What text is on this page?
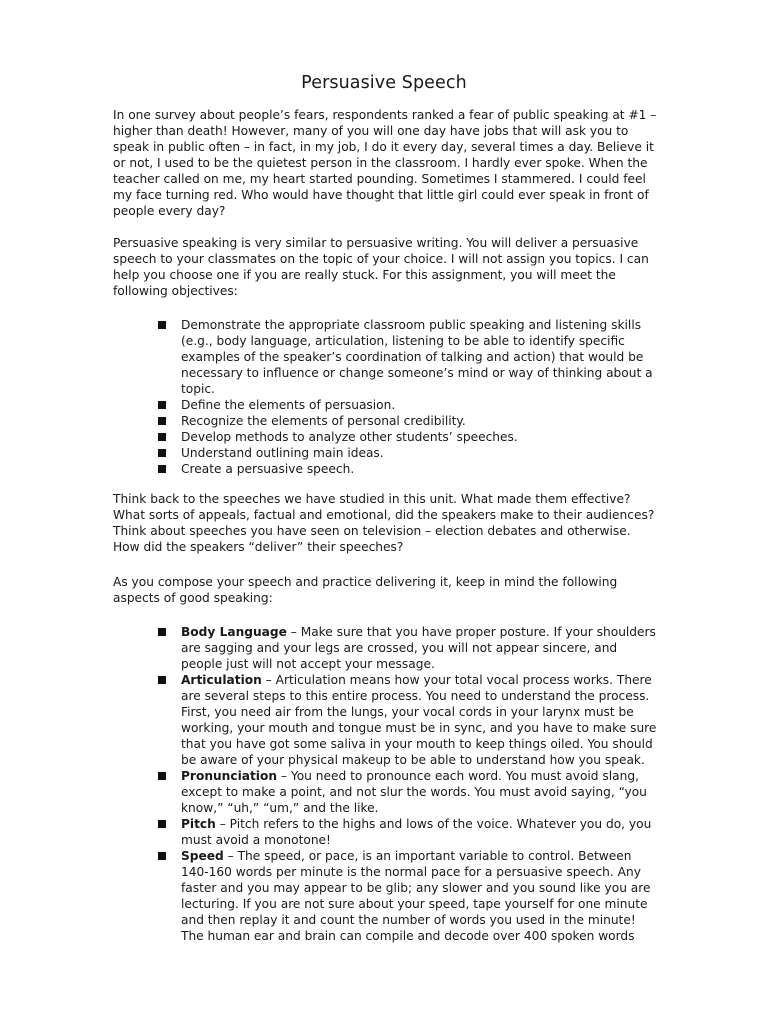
Persuasive Speech

In one survey about people’s fears, respondents ranked a fear of public speaking at #1 – higher than death! However, many of you will one day have jobs that will ask you to speak in public often – in fact, in my job, I do it every day, several times a day. Believe it or not, I used to be the quietest person in the classroom. I hardly ever spoke. When the teacher called on me, my heart started pounding. Sometimes I stammered. I could feel my face turning red. Who would have thought that little girl could ever speak in front of people every day?

Persuasive speaking is very similar to persuasive writing. You will deliver a persuasive speech to your classmates on the topic of your choice. I will not assign you topics. I can help you choose one if you are really stuck. For this assignment, you will meet the following objectives:

Demonstrate the appropriate classroom public speaking and listening skills (e.g., body language, articulation, listening to be able to identify specific examples of the speaker’s coordination of talking and action) that would be necessary to influence or change someone’s mind or way of thinking about a topic.
Define the elements of persuasion.
Recognize the elements of personal credibility.
Develop methods to analyze other students’ speeches.
Understand outlining main ideas.
Create a persuasive speech.

Think back to the speeches we have studied in this unit. What made them effective? What sorts of appeals, factual and emotional, did the speakers make to their audiences? Think about speeches you have seen on television – election debates and otherwise. How did the speakers “deliver” their speeches?

As you compose your speech and practice delivering it, keep in mind the following aspects of good speaking:

Body Language – Make sure that you have proper posture. If your shoulders are sagging and your legs are crossed, you will not appear sincere, and people just will not accept your message.
Articulation – Articulation means how your total vocal process works. There are several steps to this entire process. You need to understand the process. First, you need air from the lungs, your vocal cords in your larynx must be working, your mouth and tongue must be in sync, and you have to make sure that you have got some saliva in your mouth to keep things oiled. You should be aware of your physical makeup to be able to understand how you speak.
Pronunciation – You need to pronounce each word. You must avoid slang, except to make a point, and not slur the words. You must avoid saying, “you know,” “uh,” “um,” and the like.
Pitch – Pitch refers to the highs and lows of the voice. Whatever you do, you must avoid a monotone!
Speed – The speed, or pace, is an important variable to control. Between 140-160 words per minute is the normal pace for a persuasive speech. Any faster and you may appear to be glib; any slower and you sound like you are lecturing. If you are not sure about your speed, tape yourself for one minute and then replay it and count the number of words you used in the minute! The human ear and brain can compile and decode over 400 spoken words
